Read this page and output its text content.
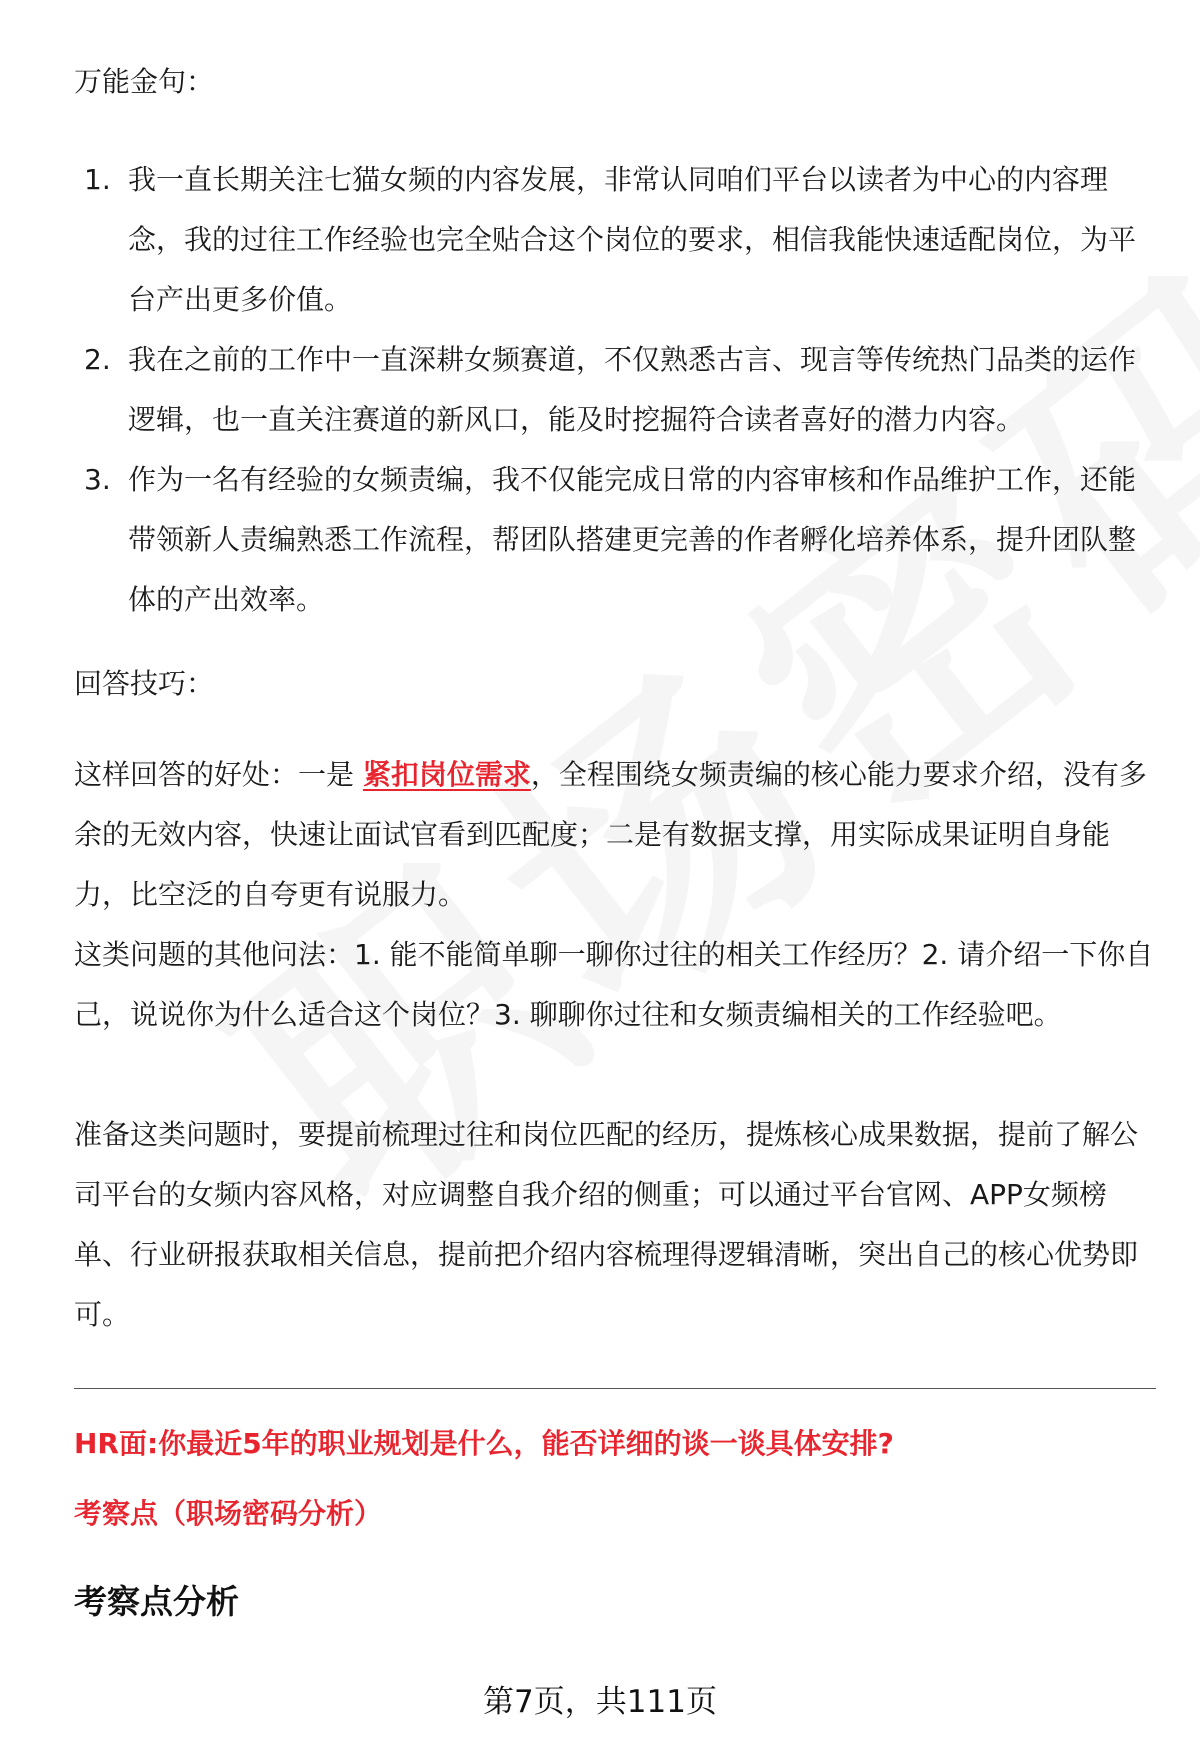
万能金句：
1. 我一直长期关注七猫女频的内容发展，非常认同咱们平台以读者为中心的内容理念，我的过往工作经验也完全贴合这个岗位的要求，相信我能快速适配岗位，为平台产出更多价值。
2. 我在之前的工作中一直深耕女频赛道，不仅熟悉古言、现言等传统热门品类的运作逻辑，也一直关注赛道的新风口，能及时挖掘符合读者喜好的潜力内容。
3. 作为一名有经验的女频责编，我不仅能完成日常的内容审核和作品维护工作，还能带领新人责编熟悉工作流程，帮团队搭建更完善的作者孵化培养体系，提升团队整体的产出效率。
回答技巧：

这样回答的好处：一是 紧扣岗位需求，全程围绕女频责编的核心能力要求介绍，没有多余的无效内容，快速让面试官看到匹配度；二是有数据支撑，用实际成果证明自身能力，比空泛的自夸更有说服力。

这类问题的其他问法：1. 能不能简单聊一聊你过往的相关工作经历？2. 请介绍一下你自己，说说你为什么适合这个岗位？3. 聊聊你过往和女频责编相关的工作经验吧。

准备这类问题时，要提前梳理过往和岗位匹配的经历，提炼核心成果数据，提前了解公司平台的女频内容风格，对应调整自我介绍的侧重；可以通过平台官网、APP女频榜单、行业研报获取相关信息，提前把介绍内容梳理得逻辑清晰，突出自己的核心优势即可。

HR面:你最近5年的职业规划是什么，能否详细的谈一谈具体安排?
考察点（职场密码分析）
考察点分析
第7页，共111页
